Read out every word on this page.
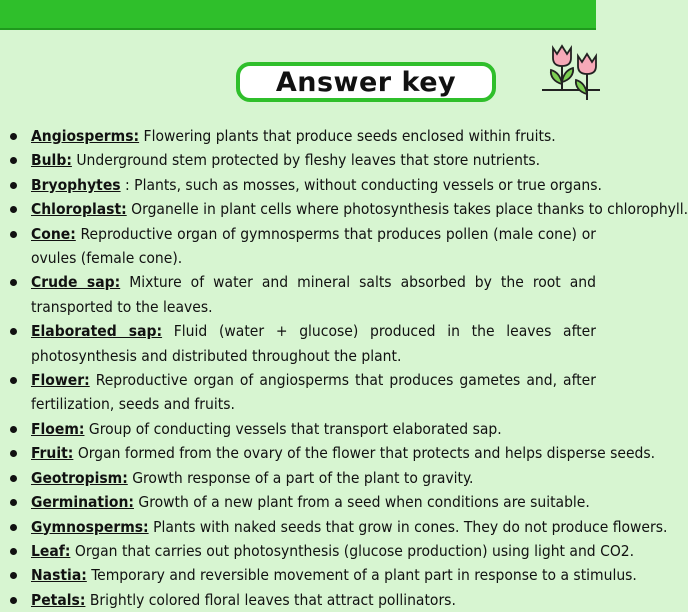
Answer key
Angiosperms: Flowering plants that produce seeds enclosed within fruits.
Bulb: Underground stem protected by fleshy leaves that store nutrients.
Bryophytes : Plants, such as mosses, without conducting vessels or true organs.
Chloroplast: Organelle in plant cells where photosynthesis takes place thanks to chlorophyll.
Cone: Reproductive organ of gymnosperms that produces pollen (male cone) or ovules (female cone).
Crude sap: Mixture of water and mineral salts absorbed by the root and transported to the leaves.
Elaborated sap: Fluid (water + glucose) produced in the leaves after photosynthesis and distributed throughout the plant.
Flower: Reproductive organ of angiosperms that produces gametes and, after fertilization, seeds and fruits.
Floem: Group of conducting vessels that transport elaborated sap.
Fruit: Organ formed from the ovary of the flower that protects and helps disperse seeds.
Geotropism: Growth response of a part of the plant to gravity.
Germination: Growth of a new plant from a seed when conditions are suitable.
Gymnosperms: Plants with naked seeds that grow in cones. They do not produce flowers.
Leaf: Organ that carries out photosynthesis (glucose production) using light and CO2.
Nastia: Temporary and reversible movement of a plant part in response to a stimulus.
Petals: Brightly colored floral leaves that attract pollinators.
